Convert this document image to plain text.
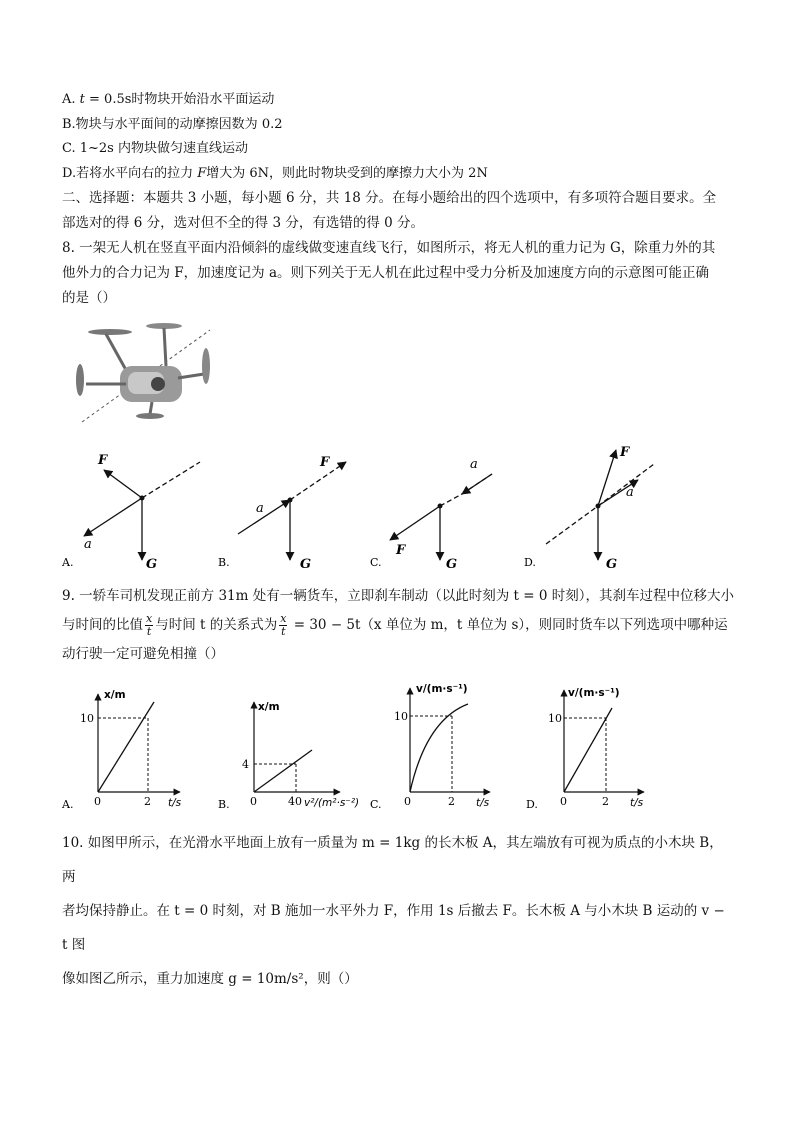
A. t = 0.5s时物块开始沿水平面运动
B.物块与水平面间的动摩擦因数为 0.2
C. 1~2s 内物块做匀速直线运动
D.若将水平向右的拉力 F增大为 6N，则此时物块受到的摩擦力大小为 2N
二、选择题：本题共 3 小题，每小题 6 分，共 18 分。在每小题给出的四个选项中，有多项符合题目要求。全
部选对的得 6 分，选对但不全的得 3 分，有选错的得 0 分。
8. 一架无人机在竖直平面内沿倾斜的虚线做变速直线飞行，如图所示，将无人机的重力记为 G，除重力外的其
他外力的合力记为 F，加速度记为 a。则下列关于无人机在此过程中受力分析及加速度方向的示意图可能正确
的是（）
F
a
G
F
a
G
a
F
G
F
a
G
A.	B.	C.	D.
9. 一轿车司机发现正前方 31m 处有一辆货车，立即刹车制动（以此时刻为 t = 0 时刻），其刹车过程中位移大小
与时间的比值 $\frac{x}{t}$ 与时间 t 的关系式为 $\frac{x}{t} = 30 - 5t(x$ 单位为 m，t 单位为 s），则同时货车以下列选项中哪种运
动行驶一定可避免相撞（）
x/m
10
2
0	t/s
A.
x/m
4
40
0	v²/(m²·s⁻²)
B.
v/(m·s⁻¹)
10
2
0	t/s
C.
v/(m·s⁻¹)
10
2
0	t/s
D.
10. 如图甲所示，在光滑水平地面上放有一质量为 m = 1kg 的长木板 A，其左端放有可视为质点的小木块 B，两
者均保持静止。在 t = 0 时刻，对 B 施加一水平外力 F，作用 1s 后撤去 F。长木板 A 与小木块 B 运动的 v − t 图
像如图乙所示，重力加速度 g = 10m/s²，则（）
